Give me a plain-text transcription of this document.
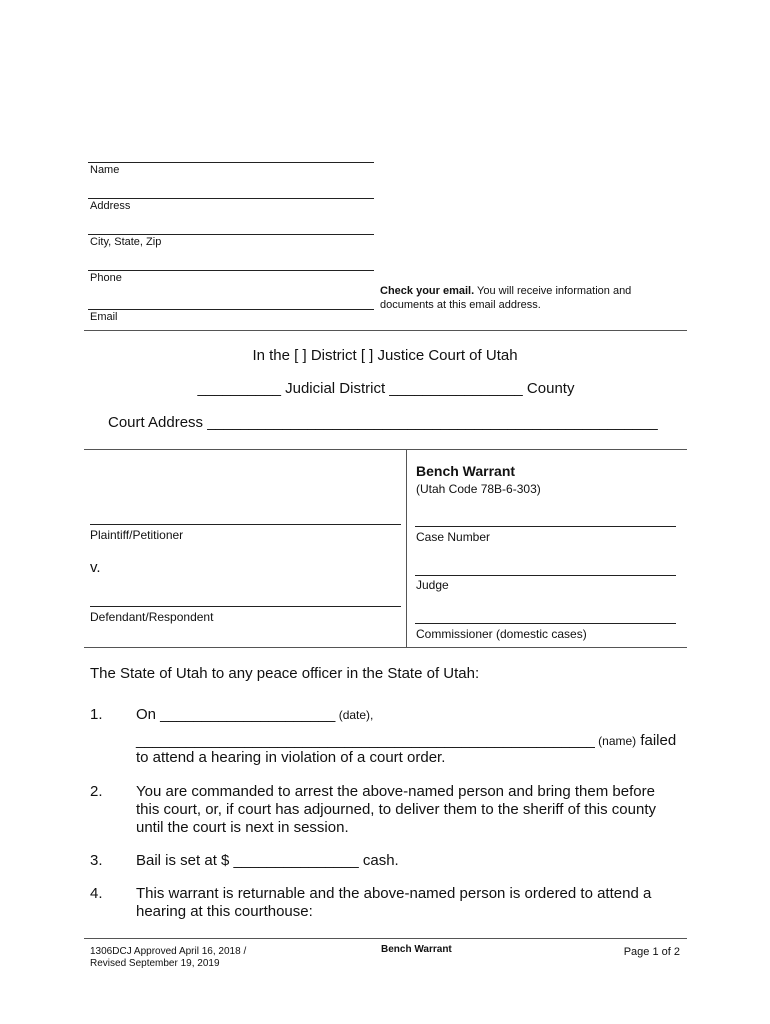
Name
Address
City, State, Zip
Phone
Email
Check your email. You will receive information and
documents at this email address.
In the [ ] District [ ] Justice Court of Utah
__________ Judicial District ________________ County
Court Address ______________________________________________________
Bench Warrant
(Utah Code 78B-6-303)
Plaintiff/Petitioner
v.
Defendant/Respondent
Case Number
Judge
Commissioner (domestic cases)
The State of Utah to any peace officer in the State of Utah:
1. On _____________________ (date),
_______________________________________________________ (name) failed
to attend a hearing in violation of a court order.
2. You are commanded to arrest the above-named person and bring them before
this court, or, if court has adjourned, to deliver them to the sheriff of this county
until the court is next in session.
3. Bail is set at $ _______________ cash.
4. This warrant is returnable and the above-named person is ordered to attend a
hearing at this courthouse:
1306DCJ Approved April 16, 2018 /
Revised September 19, 2019
Bench Warrant	Page 1 of 2
